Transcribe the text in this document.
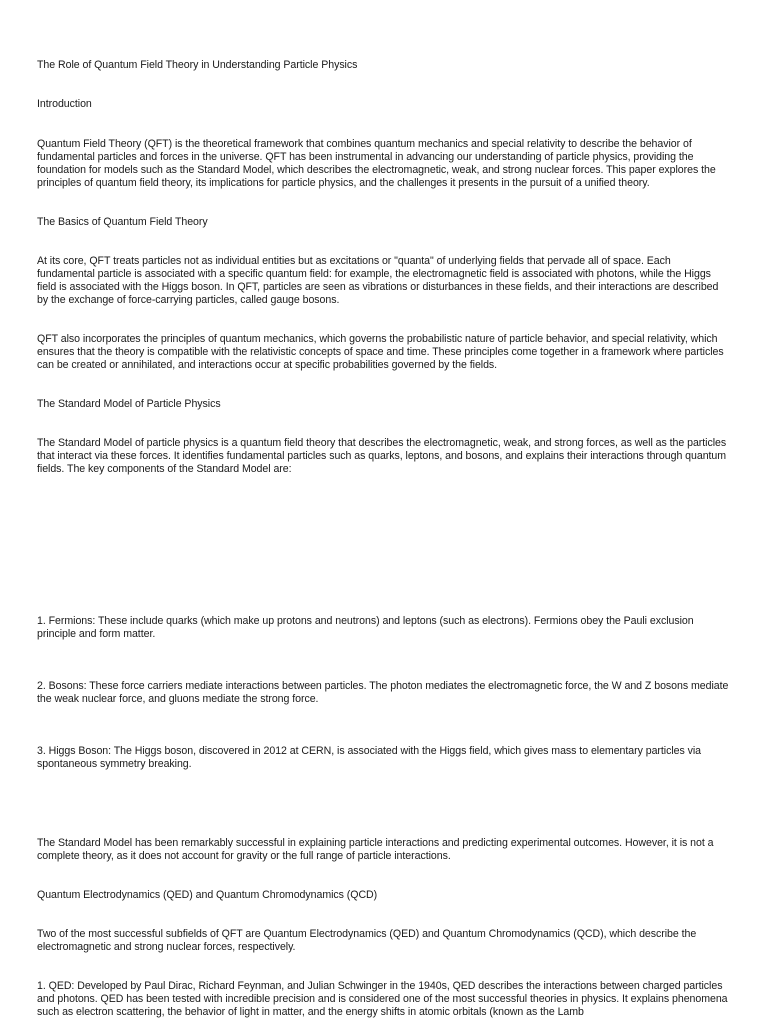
The Role of Quantum Field Theory in Understanding Particle Physics

Introduction

Quantum Field Theory (QFT) is the theoretical framework that combines quantum mechanics and special relativity to describe the behavior of fundamental particles and forces in the universe. QFT has been instrumental in advancing our understanding of particle physics, providing the foundation for models such as the Standard Model, which describes the electromagnetic, weak, and strong nuclear forces. This paper explores the principles of quantum field theory, its implications for particle physics, and the challenges it presents in the pursuit of a unified theory.

The Basics of Quantum Field Theory

At its core, QFT treats particles not as individual entities but as excitations or "quanta" of underlying fields that pervade all of space. Each fundamental particle is associated with a specific quantum field: for example, the electromagnetic field is associated with photons, while the Higgs field is associated with the Higgs boson. In QFT, particles are seen as vibrations or disturbances in these fields, and their interactions are described by the exchange of force-carrying particles, called gauge bosons.

QFT also incorporates the principles of quantum mechanics, which governs the probabilistic nature of particle behavior, and special relativity, which ensures that the theory is compatible with the relativistic concepts of space and time. These principles come together in a framework where particles can be created or annihilated, and interactions occur at specific probabilities governed by the fields.

The Standard Model of Particle Physics

The Standard Model of particle physics is a quantum field theory that describes the electromagnetic, weak, and strong forces, as well as the particles that interact via these forces. It identifies fundamental particles such as quarks, leptons, and bosons, and explains their interactions through quantum fields. The key components of the Standard Model are:

1. Fermions: These include quarks (which make up protons and neutrons) and leptons (such as electrons). Fermions obey the Pauli exclusion principle and form matter.

2. Bosons: These force carriers mediate interactions between particles. The photon mediates the electromagnetic force, the W and Z bosons mediate the weak nuclear force, and gluons mediate the strong force.

3. Higgs Boson: The Higgs boson, discovered in 2012 at CERN, is associated with the Higgs field, which gives mass to elementary particles via spontaneous symmetry breaking.

The Standard Model has been remarkably successful in explaining particle interactions and predicting experimental outcomes. However, it is not a complete theory, as it does not account for gravity or the full range of particle interactions.

Quantum Electrodynamics (QED) and Quantum Chromodynamics (QCD)

Two of the most successful subfields of QFT are Quantum Electrodynamics (QED) and Quantum Chromodynamics (QCD), which describe the electromagnetic and strong nuclear forces, respectively.

1. QED: Developed by Paul Dirac, Richard Feynman, and Julian Schwinger in the 1940s, QED describes the interactions between charged particles and photons. QED has been tested with incredible precision and is considered one of the most successful theories in physics. It explains phenomena such as electron scattering, the behavior of light in matter, and the energy shifts in atomic orbitals (known as the Lamb
